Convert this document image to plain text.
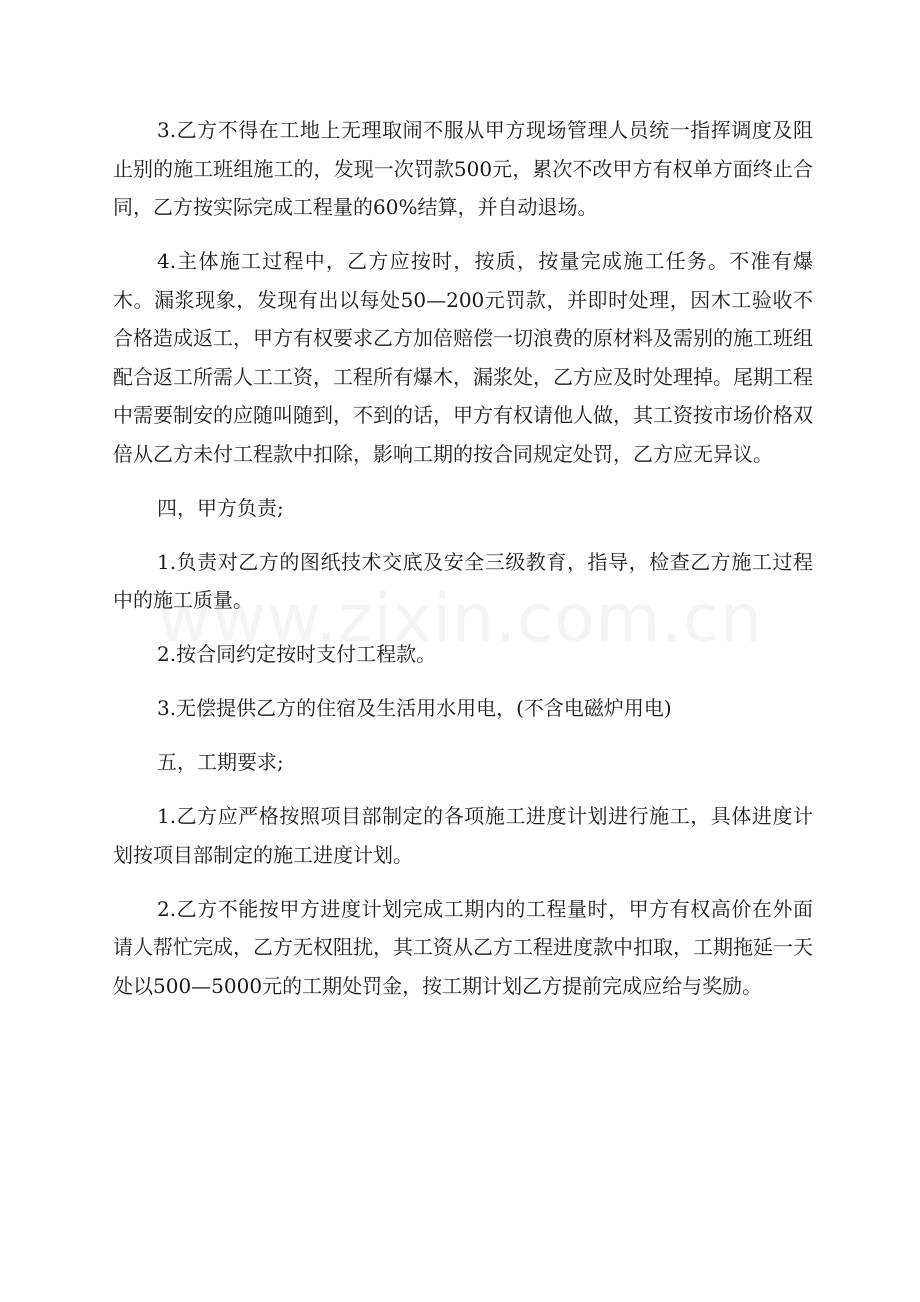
3.乙方不得在工地上无理取闹不服从甲方现场管理人员统一指挥调度及阻止别的施工班组施工的，发现一次罚款500元，累次不改甲方有权单方面终止合同，乙方按实际完成工程量的60%结算，并自动退场。

4.主体施工过程中，乙方应按时，按质，按量完成施工任务。不准有爆木。漏浆现象，发现有出以每处50—200元罚款，并即时处理，因木工验收不合格造成返工，甲方有权要求乙方加倍赔偿一切浪费的原材料及需别的施工班组配合返工所需人工工资，工程所有爆木，漏浆处，乙方应及时处理掉。尾期工程中需要制安的应随叫随到，不到的话，甲方有权请他人做，其工资按市场价格双倍从乙方未付工程款中扣除，影响工期的按合同规定处罚，乙方应无异议。

四，甲方负责;

1.负责对乙方的图纸技术交底及安全三级教育，指导，检查乙方施工过程中的施工质量。

2.按合同约定按时支付工程款。

3.无偿提供乙方的住宿及生活用水用电，(不含电磁炉用电)

五，工期要求;

1.乙方应严格按照项目部制定的各项施工进度计划进行施工，具体进度计划按项目部制定的施工进度计划。

2.乙方不能按甲方进度计划完成工期内的工程量时，甲方有权高价在外面请人帮忙完成，乙方无权阻扰，其工资从乙方工程进度款中扣取，工期拖延一天处以500—5000元的工期处罚金，按工期计划乙方提前完成应给与奖励。
